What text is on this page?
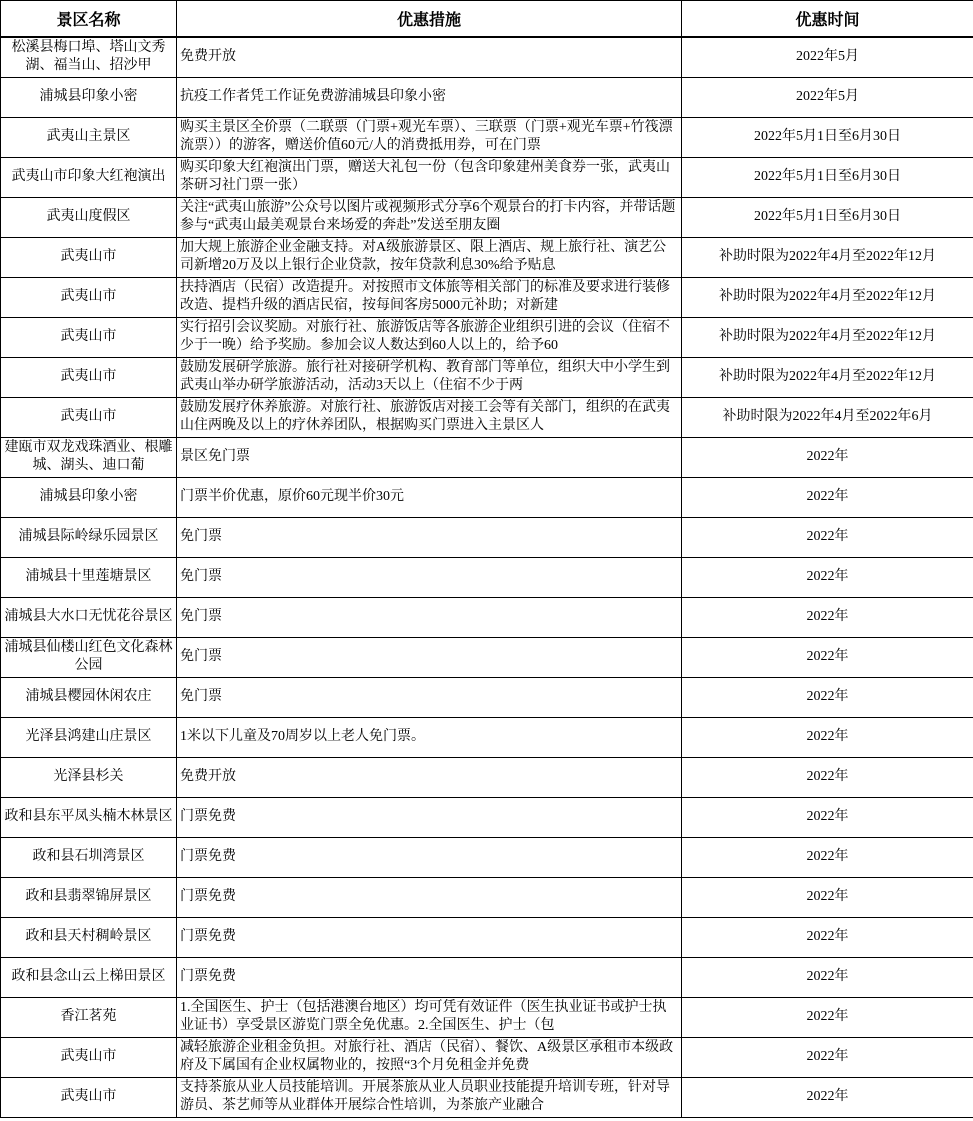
景区名称	优惠措施	优惠时间

松溪县梅口埠、塔山文秀湖、福当山、招沙甲	免费开放	2022年5月

浦城县印象小密	抗疫工作者凭工作证免费游浦城县印象小密	2022年5月

武夷山主景区	购买主景区全价票（二联票（门票+观光车票）、三联票（门票+观光车票+竹筏漂流票））的游客，赠送价值60元/人的消费抵用券，可在门票	2022年5月1日至6月30日

武夷山市印象大红袍演出	购买印象大红袍演出门票，赠送大礼包一份（包含印象建州美食券一张，武夷山茶研习社门票一张）	2022年5月1日至6月30日

武夷山度假区	关注“武夷山旅游”公众号以图片或视频形式分享6个观景台的打卡内容，并带话题参与“武夷山最美观景台来场爱的奔赴”发送至朋友圈	2022年5月1日至6月30日

武夷山市	加大规上旅游企业金融支持。对A级旅游景区、限上酒店、规上旅行社、演艺公司新增20万及以上银行企业贷款，按年贷款利息30%给予贴息	补助时限为2022年4月至2022年12月

武夷山市	扶持酒店（民宿）改造提升。对按照市文体旅等相关部门的标准及要求进行装修改造、提档升级的酒店民宿，按每间客房5000元补助；对新建	补助时限为2022年4月至2022年12月

武夷山市	实行招引会议奖励。对旅行社、旅游饭店等各旅游企业组织引进的会议（住宿不少于一晚）给予奖励。参加会议人数达到60人以上的，给予60	补助时限为2022年4月至2022年12月

武夷山市	鼓励发展研学旅游。旅行社对接研学机构、教育部门等单位，组织大中小学生到武夷山举办研学旅游活动，活动3天以上（住宿不少于两	补助时限为2022年4月至2022年12月

武夷山市	鼓励发展疗休养旅游。对旅行社、旅游饭店对接工会等有关部门，组织的在武夷山住两晚及以上的疗休养团队，根据购买门票进入主景区人	补助时限为2022年4月至2022年6月

建瓯市双龙戏珠酒业、根雕城、湖头、迪口葡	景区免门票	2022年

浦城县印象小密	门票半价优惠，原价60元现半价30元	2022年

浦城县际岭绿乐园景区	免门票	2022年

浦城县十里莲塘景区	免门票	2022年

浦城县大水口无忧花谷景区	免门票	2022年

浦城县仙楼山红色文化森林公园	免门票	2022年

浦城县樱园休闲农庄	免门票	2022年

光泽县鸿建山庄景区	1米以下儿童及70周岁以上老人免门票。	2022年

光泽县杉关	免费开放	2022年

政和县东平凤头楠木林景区	门票免费	2022年

政和县石圳湾景区	门票免费	2022年

政和县翡翠锦屏景区	门票免费	2022年

政和县天村稠岭景区	门票免费	2022年

政和县念山云上梯田景区	门票免费	2022年

香江茗苑	1.全国医生、护士（包括港澳台地区）均可凭有效证件（医生执业证书或护士执业证书）享受景区游览门票全免优惠。2.全国医生、护士（包	2022年

武夷山市	减轻旅游企业租金负担。对旅行社、酒店（民宿）、餐饮、A级景区承租市本级政府及下属国有企业权属物业的，按照“3个月免租金并免费	2022年

武夷山市	支持茶旅从业人员技能培训。开展茶旅从业人员职业技能提升培训专班，针对导游员、茶艺师等从业群体开展综合性培训，为茶旅产业融合	2022年
